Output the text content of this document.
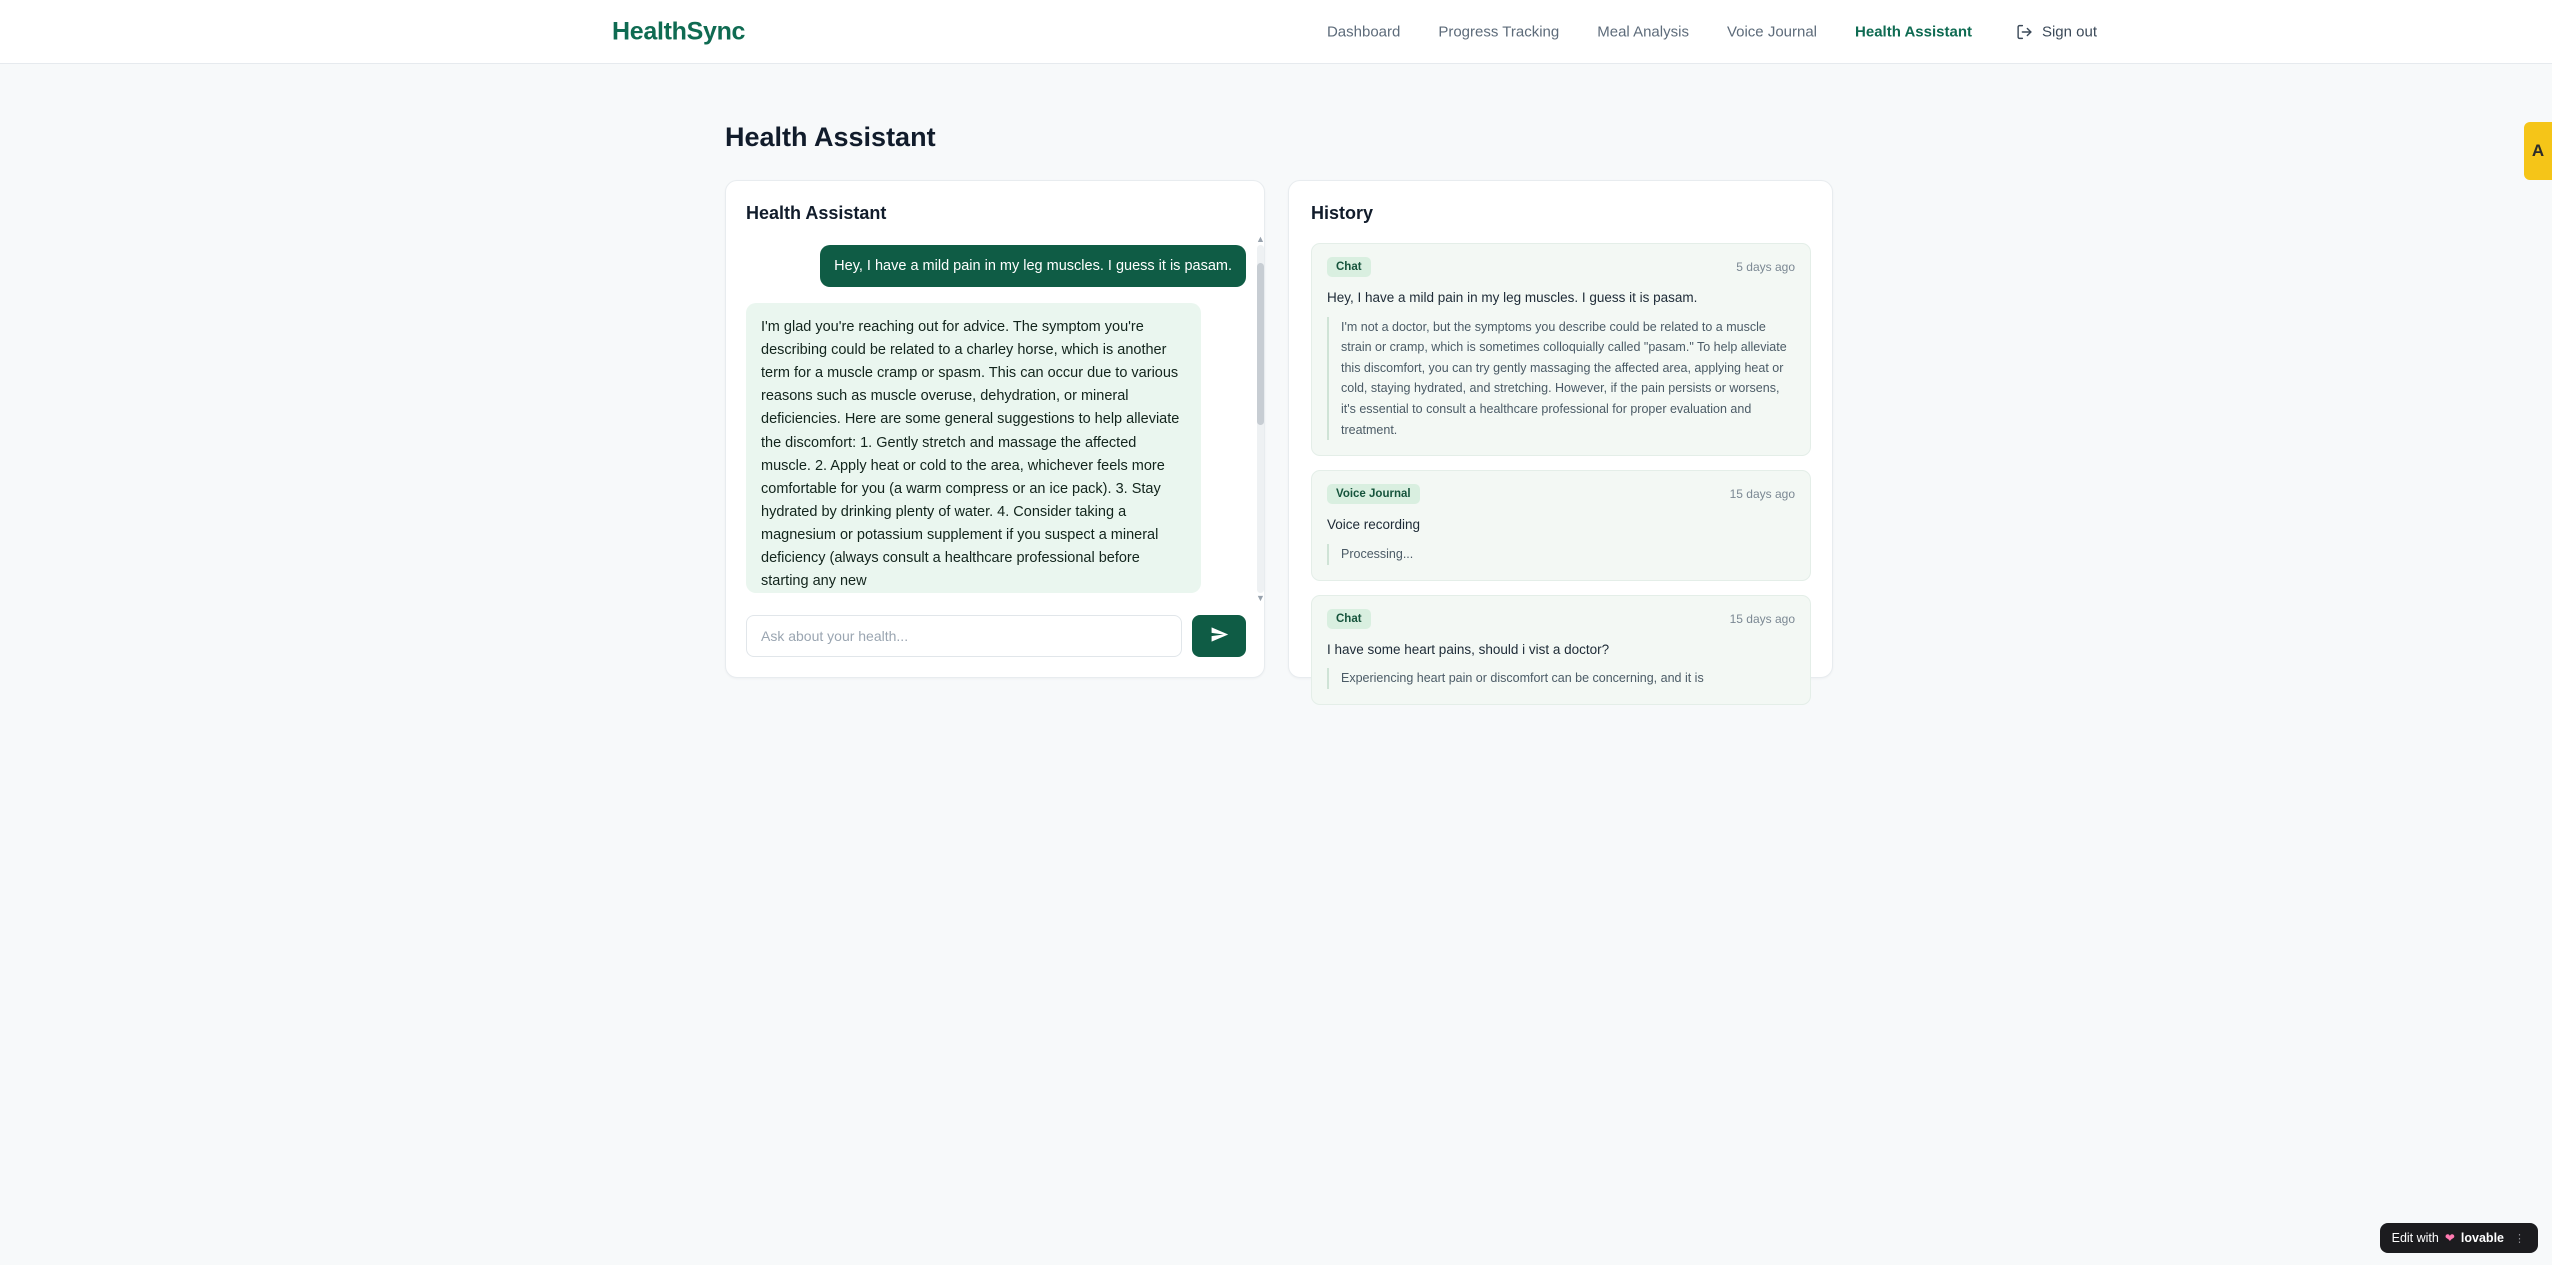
HealthSync	Dashboard	Progress Tracking	Meal Analysis	Voice Journal	Health Assistant	Sign out
Health Assistant
Health Assistant
Hey, I have a mild pain in my leg muscles. I guess it is pasam.
I'm glad you're reaching out for advice. The symptom you're describing could be related to a charley horse, which is another term for a muscle cramp or spasm. This can occur due to various reasons such as muscle overuse, dehydration, or mineral deficiencies. Here are some general suggestions to help alleviate the discomfort: 1. Gently stretch and massage the affected muscle. 2. Apply heat or cold to the area, whichever feels more comfortable for you (a warm compress or an ice pack). 3. Stay hydrated by drinking plenty of water. 4. Consider taking a magnesium or potassium supplement if you suspect a mineral deficiency (always consult a healthcare professional before starting any new
▲
▼
Ask about your health...
History
Chat	5 days ago
Hey, I have a mild pain in my leg muscles. I guess it is pasam.
I'm not a doctor, but the symptoms you describe could be related to a muscle strain or cramp, which is sometimes colloquially called "pasam." To help alleviate this discomfort, you can try gently massaging the affected area, applying heat or cold, staying hydrated, and stretching. However, if the pain persists or worsens, it's essential to consult a healthcare professional for proper evaluation and treatment.
Voice Journal	15 days ago
Voice recording
Processing...
Chat	15 days ago
I have some heart pains, should i vist a doctor?
Experiencing heart pain or discomfort can be concerning, and it is
A
Edit with ❤ lovable ⋮
